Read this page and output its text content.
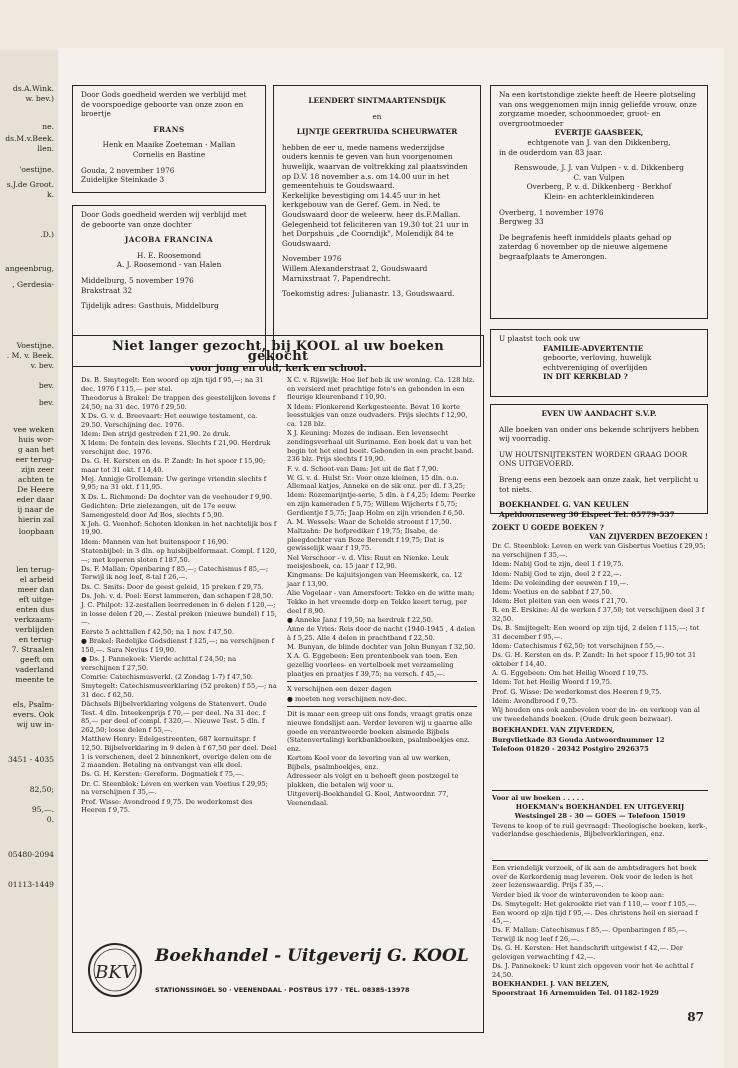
ds.A.Wink.
w. bev.)
ne.
ds.M.v.Beek.
llen.
'oestijne.
s.J.de Groot.
k.
.D.)
angeenbrug,
, Gerdesia-
Voestijne.
. M. v. Beek.
v. bev.
bev.
bev.
vee weken
huis wor-
g aan het
eer terug-
zijn zeer
achten te
De Heere
eder daar
ij naar de
hierin zal
loopbaan
len terug-
el arbeid
meer dan
eft uitge-
enten dus
verkzaam-
verblijden
en terug-
7. Straalen
geeft om
vaderland
meente te
els, Psalm-
evers. Ook
wij uw in-
3451 - 4035
82,50;
95,—.
0.
05480-2094
01113-1449

Door Gods goedheid werden we verblijd met de voorspoedige geboorte van onze zoon en broertje

FRANS

Henk en Maaike Zoeteman - Mallan

Cornelis en Bastine

Gouda, 2 november 1976

Zuidelijke Steinkade 3

Door Gods goedheid werden wij verblijd met de geboorte van onze dochter

JACOBA FRANCINA

H. E. Roosemond

A. J. Roosemond - van Halen

Middelburg, 5 november 1976

Brakstraat 32

Tijdelijk adres: Gasthuis, Middelburg

LEENDERT SINTMAARTENSDIJK

en

LIJNTJE GEERTRUIDA SCHEURWATER

hebben de eer u, mede namens wederzijdse ouders kennis te geven van hun voorgenomen huwelijk, waarvan de voltrekking zal plaatsvinden op D.V. 18 november a.s. om 14.00 uur in het gemeentehuis te Goudswaard.

Kerkelijke bevestiging om 14.45 uur in het kerkgebouw van de Geref. Gem. in Ned. te Goudswaard door de weleerw. heer ds.F.Mallan.

Gelegenheid tot feliciteren van 19.30 tot 21 uur in het Dorpshuis „de Coorndijk", Molendijk 84 te Goudswaard.

November 1976

Willem Alexanderstraat 2, Goudswaard

Marnixstraat 7, Papendrecht.

Toekomstig adres: Julianastr. 13, Goudswaard.

Na een kortstondige ziekte heeft de Heere plotseling van ons weggenomen mijn innig geliefde vrouw, onze zorgzame moeder, schoonmoeder, groot- en overgrootmoeder

EVERTJE GAASBEEK,

echtgenote van J. van den Dikkenberg,

in de ouderdom van 83 jaar.

Renswoude, J. J. van Vulpen - v. d. Dikkenberg

C. van Vulpen

Overberg, P. v. d. Dikkenberg - Berkhof

Klein- en achterkleinkinderen

Overberg, 1 november 1976

Bergweg 33

De begrafenis heeft inmiddels plaats gehad op zaterdag 6 november op de nieuwe algemene begraafplaats te Amerongen.

U plaatst toch ook uw

FAMILIE-ADVERTENTIE

geboorte, verloving, huwelijk

echtvereniging of overlijden

IN DIT KERKBLAD ?

EVEN UW AANDACHT S.V.P.

Alle boeken van onder ons bekende schrijvers hebben wij voorradig.

UW HOUTSNIJTEKSTEN WORDEN GRAAG DOOR ONS UITGEVOERD.

Breng eens een bezoek aan onze zaak, het verplicht u tot niets.

BOEKHANDEL G. VAN KEULEN

Apeldoornseweg 30 Elspeet Tel. 05779-537

Niet langer gezocht, bij KOOL al uw boeken gekocht

voor jong en oud, kerk en school.

Ds. B. Smytegelt: Een woord op zijn tijd f 95,—; na 31 dec. 1976 f 115,— per stel.

Theodorus à Brakel: De trappen des geestelijken levens f 24,50; na 31 dec. 1976 f 29,50.

X Ds. G. v. d. Breevaart: Het eeuwige testament, ca. 29.50. Verschijning dec. 1976.

Idem: Den strijd gestreden f 21,90. 2e druk.

X Idem: De fontein des levens. Slechts f 21,90. Herdruk verschijnt dec. 1976.

Ds. G. H. Kersten en ds. P. Zandt: In het spoor f 15,90; maar tot 31 okt. f 14,40.

Mej. Annigje Grolleman: Uw geringe vriendin slechts f 9,95; na 31 okt. f 11,95.

X Ds. L. Richmond: De dochter van de veehouder f 9,90.

Gedichten: Drie zielezangen, uit de 17e eeuw. Samengesteld door Ad Bos, slechts f 5,90.

X Joh. G. Veenhof: Schoten klonken in het nachtelijk bos f 19,90.

Idem: Mannen van het buitenspoor f 16,90.

Statenbijbel: in 3 dln. op huisbijbelformaat. Compl. f 120,—; met koperen sloten f 187,50.

Ds. F. Mallan: Openbaring f 85,—; Catechismus f 85,—; Terwijl ik nog leef, 8-tal f 26,—.

Ds. C. Smits: Door de geest geleid, 15 preken f 29,75.

Ds. Joh. v. d. Poel: Eerst lammeren, dan schapen f 28,50.

J. C. Philpot: 12-zestallen leerredenen in 6 delen f 120,—; in losse delen f 20,—. Zestal preken (nieuwe bundel) f 15,—.

Eerste 5 achttallen f 42,50; na 1 nov. f 47,50.

● Brakel: Redelijke Godsdienst f 125,—; na verschijnen f 150,—. Sara Nevius f 19,90.

● Ds. J. Pannekoek: Vierde achttal f 24,50; na verschijnen f 27,50.

Comrie: Catechismusverkl. (2 Zondag 1-7) f 47,50.

Smytegelt: Catechismusverklaring (52 preken) f 55,—; na 31 dec. f 62,50.

Dächsels Bijbelverklaring volgens de Statenvert. Oude Test. 4 dln. Inteekenprijs f 70,— per deel. Na 31 dec. f 85,— per deel of compl. f 320,—. Nieuwe Test. 5 dln. f 262,50; losse delen f 55,—.

Matthew Henry: Edelgestreenten, 687 kernuitspr. f 12,50. Bijbelverklaring in 9 delen à f 67,50 per deel. Deel 1 is verschenen, deel 2 binnenkort, overige delen om de 2 maanden. Betaling na ontvangst van elk deel.

Ds. G. H. Kersten: Gereform. Dogmatiek f 75,—.

Dr. C. Steenblok: Leven en werken van Voetius f 29,95; na verschijnen f 35,—.

Prof. Wisse: Avondrood f 9,75. De wederkomst des Heeren f 9,75.

X C. v. Rijswijk: Hoe lief heb ik uw woning. Ca. 128 blz. en versierd met prachtige foto's en gebonden in een fleurige kleurenband f 10,90.

X Idem: Flonkerend Kerkgesteente. Bevat 16 korte leesstukjes van onze oudvaders. Prijs slechts f 12,90, ca. 128 blz.

X J. Keuning: Mozes de indiaan. Een levensecht zendingsverhaal uit Suriname. Een boek dat u van het begin tot het eind boeit. Gebonden in een pracht band. 236 blz. Prijs slechts f 19,90.

F. v. d. Schoot-van Dam: Jet uit de flat f 7,90.

W. G. v. d. Hulst Sr.: Voor onze kleinen, 15 dln. o.a. Allemaal katjes, Anneke en de sik enz. per dl. f 3,25; Idem: Rozemarijntje-serie, 5 dln. à f 4,25; Idem: Peerke en zijn kameraden f 5,75; Willem Wijcherts f 5,75; Gerdientje f 5,75; Jaap Holm en zijn vrienden f 6,50.

A. M. Wessels: Waar de Schelde stroomt f 17,50.

Maltzahn: De hofprediker f 19,75; Ilsabe, de pleegdochter van Boze Berendt f 19,75; Dat is gewisselijk waar f 19,75.

Nel Verschoor - v. d. Vlis: Ruut en Nienke. Leuk meisjesboek, ca. 15 jaar f 12,90.

Kingmans: De kajuitsjongen van Heemskerk, ca. 12 jaar f 13,90.

Alie Vogelaar - van Amersfoort: Tekko en de witte man; Tekko in het vreemde dorp en Tekko keert terug, per deel f 8,90.

● Anneke Janz f 19,50; na herdruk f 22,50.

Anne de Vries: Reis door de nacht (1940-1945 , 4 delen à f 5,25. Alle 4 delen in prachtband f 22,50.

M. Bunyan, de blinde dochter van John Bunyan f 32,50.

X A. G. Eggebeen: Een prentenboek van toen. Een gezellig voorlees- en vertelboek met verzameling plaatjes en praatjes f 39,75; na versch. f 45,—.

X verschijnen een dezer dagen

● moeten nog verschijnen nov-dec.

Dit is maar een greep uit ons fonds, vraagt gratis onze nieuwe fondslijst aan. Verder leveren wij u gaarne alle goede en verantwoorde boeken alsmede Bijbels (Statenvertaling) kerkbankboeken, psalmboekjes enz. enz.

Kortom Kool voor de levering van al uw werken, Bijbels, psalmboekjes, enz.

Adresseer als volgt en u behoeft geen postzegel te plakken, die betalen wij voor u.

Uitgeverij-Boekhandel G. Kool, Antwoordnr. 77, Veenendaal.

BKV
Boekhandel - Uitgeverij G. KOOL
STATIONSSINGEL 50 · VEENENDAAL · POSTBUS 177 · TEL. 08385-13978

ZOEKT U GOEDE BOEKEN ?

VAN ZIJVERDEN BEZOEKEN !

Dr. C. Steenblok: Leven en werk van Gisbertus Voetius f 29,95; na verschijnen f 35,—.

Idem: Nabij God te zijn, deel 1 f 19,75.

Idem: Nabij God te zijn, deel 2 f 22,—.

Idem: De voleinding der eeuwen f 19,—.

Idem: Voetius en de sabbat f 27,50.

Idem: Het pleiten van een wees f 21,70.

R. en E. Erskine: Al de werken f 37,50; tot verschijnen deel 3 f 32,50.

Ds. B. Smijtegelt: Een woord op zijn tijd, 2 delen f 115,—; tot 31 december f 95,—.

Idem: Catechismus f 62,50; tot verschijnen f 55,—.

Ds. G. H. Kersten en ds. P. Zandt: In het spoor f 15,90 tot 31 oktober f 14,40.

A. G. Eggebeen: Om het Heilig Woord f 19,75.

Idem: Tot het Heilig Woord f 19,75.

Prof. G. Wisse: De wederkomst des Heeren f 9,75.

Idem: Avondbrood f 9,75.

Wij houden ons ook aanbevolen voor de in- en verkoop van al uw tweedehands boeken. (Oude druk geen bezwaar).

BOEKHANDEL VAN ZIJVERDEN,

Burgvlietkade 83 Gouda Antwoordnummer 12

Telefoon 01820 - 20342 Postgiro 2926375

Voor al uw boeken . . . . .

HOEKMAN's BOEKHANDEL EN UITGEVERIJ

Westsingel 28 - 30 — GOES — Telefoon 15019

Tevens te koop of te ruil gevraagd: Theologische boeken, kerk-, vaderlandse geschiedenis, Bijbelverklaringen, enz.

Een vriendelijk verzoek, of ik aan de ambtsdragers het boek over de Kerkordenig mag leveren. Ook voor de leden is het zeer lezenswaardig. Prijs f 35,—.

Verder bied ik voor de winteravonden te koop aan:

Ds. Smytegelt: Het gekrookte riet van f 110,— voor f 105,—. Een woord op zijn tijd f 95,—. Des christens heil en sieraad f 45,—.

Ds. F. Mallan: Catechismus f 85,—. Openbaringen f 85,—. Terwijl ik nog leef f 26,—.

Ds. G. H. Kersten: Het handschrift uitgewist f 42,—. Der gelovigen verwachting f 42,—.

Ds. J. Pannekoek: U kunt zich opgeven voor het 4e achttal f 24,50.

BOEKHANDEL J. VAN BELZEN,

Spoorstraat 16 Arnemuiden Tel. 01182-1929

87
